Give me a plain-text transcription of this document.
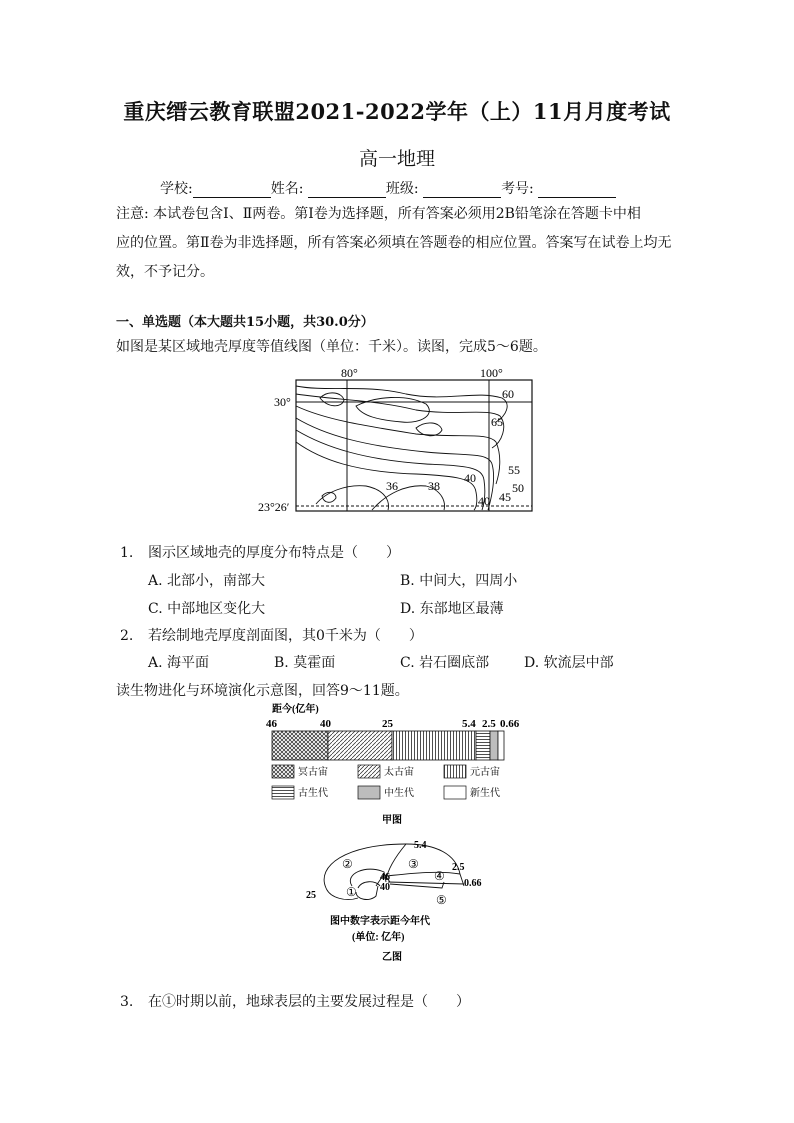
重庆缙云教育联盟2021-2022学年（上）11月月度考试
高一地理
学校:	姓名:	班级:	考号:
注意: 本试卷包含Ⅰ、Ⅱ两卷。第Ⅰ卷为选择题，所有答案必须用2B铅笔涂在答题卡中相
应的位置。第Ⅱ卷为非选择题，所有答案必须填在答题卷的相应位置。答案写在试卷上均无
效，不予记分。
一、单选题（本大题共15小题，共30.0分）
如图是某区域地壳厚度等值线图（单位：千米）。读图，完成5～6题。
80°	100°
30°
23°26′
60
65
55
50
45
40
40
38
36
1. 图示区域地壳的厚度分布特点是（　　）
A. 北部小，南部大	B. 中间大，四周小
C. 中部地区变化大	D. 东部地区最薄
2. 若绘制地壳厚度剖面图，其0千米为（　　）
A. 海平面	B. 莫霍面	C. 岩石圈底部 D. 软流层中部
读生物进化与环境演化示意图，回答9～11题。
距今(亿年)
46	40	25	5.4 2.5 0.66
冥古宙	太古宙	元古宙
古生代	中生代	新生代
甲图
5.4
2.5
46
40
25
0.66
①
②	③
④
⑤
图中数字表示距今年代
(单位: 亿年)
乙图
3. 在①时期以前，地球表层的主要发展过程是（　　）
